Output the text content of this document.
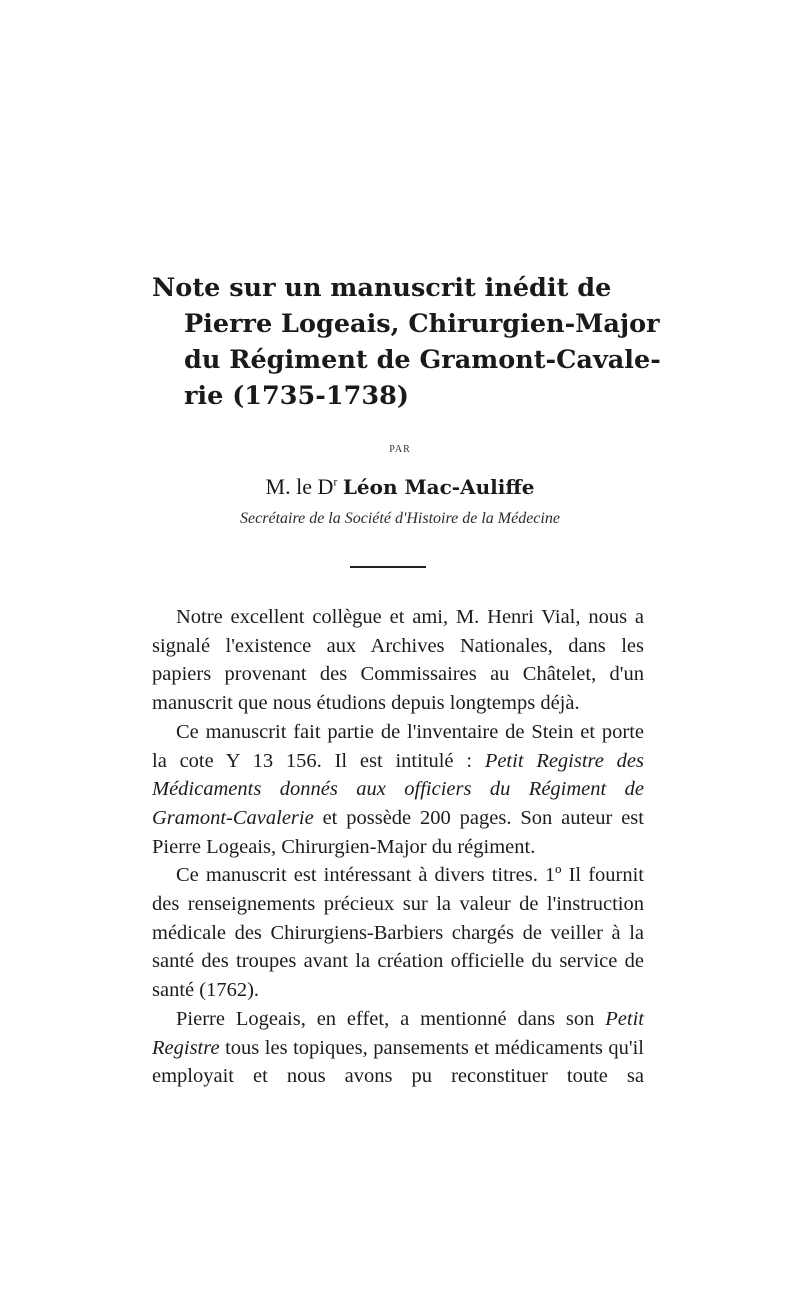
Note sur un manuscrit inédit de
Pierre Logeais, Chirurgien-Major
du Régiment de Gramont-Cavale-
rie (1735-1738)
PAR
M. le $D^r$ Léon Mac-Auliffe
Secrétaire de la Société d'Histoire de la Médecine

Notre excellent collègue et ami, M. Henri Vial, nous a signalé l'existence aux Archives Nationales, dans les papiers provenant des Commissaires au Châtelet, d'un manuscrit que nous étudions depuis longtemps déjà.

Ce manuscrit fait partie de l'inventaire de Stein et porte la cote Y 13 156. Il est intitulé : Petit Registre des Médicaments donnés aux officiers du Régiment de Gramont-Cavalerie et possède 200 pages. Son auteur est Pierre Logeais, Chirurgien-Major du régiment.

Ce manuscrit est intéressant à divers titres. 1º Il fournit des renseignements précieux sur la valeur de l'instruction médicale des Chirurgiens-Barbiers chargés de veiller à la santé des troupes avant la création officielle du service de santé (1762).

Pierre Logeais, en effet, a mentionné dans son Petit Registre tous les topiques, pansements et médicaments qu'il employait et nous avons pu reconstituer toute sa
